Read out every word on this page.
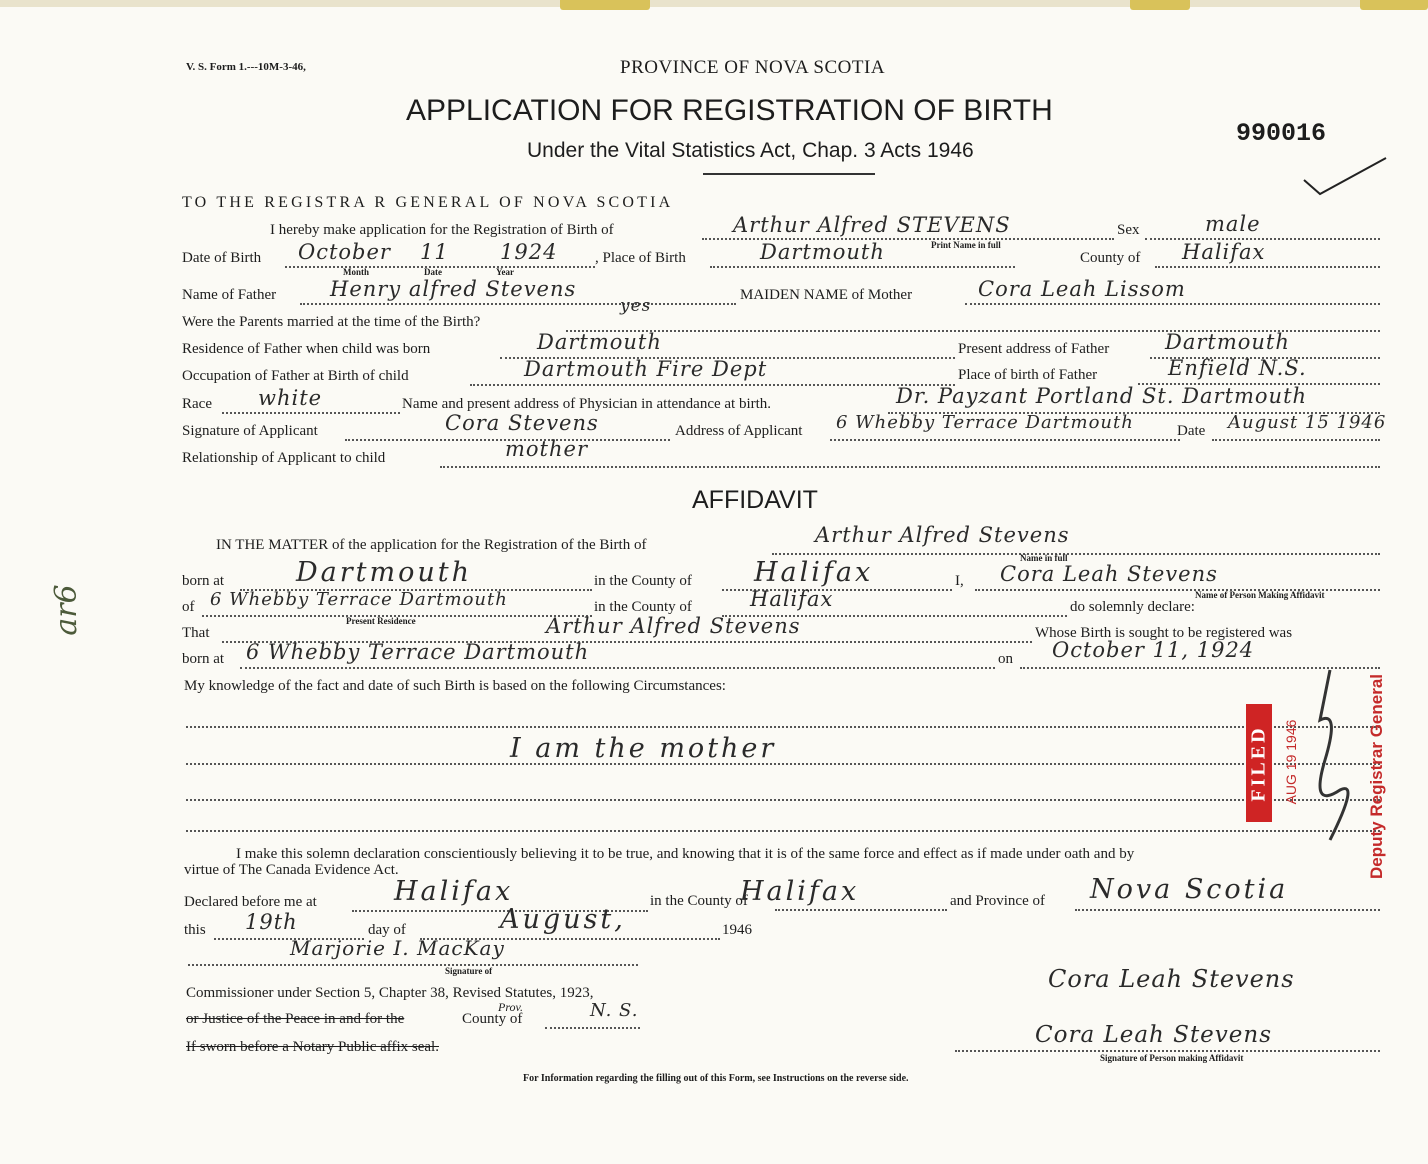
V. S. Form 1.---10M-3-46,	PROVINCE OF NOVA SCOTIA
APPLICATION FOR REGISTRATION OF BIRTH
Under the Vital Statistics Act, Chap. 3 Acts 1946
990016
TO THE REGISTRA R GENERAL OF NOVA SCOTIA
I hereby make application for the Registration of Birth of	Arthur Alfred STEVENS
Print Name in full
Sex	male
Date of Birth October 11 1924
Month	Date	Year
, Place of Birth	Dartmouth	County of Halifax
Name of Father	Henry alfred Stevens	MAIDEN NAME of Mother	Cora Leah Lissom
Were the Parents married at the time of the Birth?
yes
Residence of Father when child was born	Dartmouth	Present address of Father	Dartmouth
Occupation of Father at Birth of child	Dartmouth Fire Dept	Place of birth of Father	Enfield N.S.
Race white	Name and present address of Physician in attendance at birth.	Dr. Payzant Portland St. Dartmouth
Signature of Applicant	Cora Stevens	Address of Applicant 6 Whebby Terrace Dartmouth	Date August 15 1946
Relationship of Applicant to child	mother
AFFIDAVIT
IN THE MATTER of the application for the Registration of the Birth of	Arthur Alfred Stevens
Name in full
born at	Dartmouth	in the County of Halifax	I, Cora Leah Stevens
Name of Person Making Affidavit
of 6 Whebby Terrace Dartmouth
Present Residence
in the County of	Halifax	do solemnly declare:
That	Arthur Alfred Stevens	Whose Birth is sought to be registered was
born at 6 Whebby Terrace Dartmouth	on October 11, 1924
My knowledge of the fact and date of such Birth is based on the following Circumstances:
I am the mother
I make this solemn declaration conscientiously believing it to be true, and knowing that it is of the same force and effect as if made under oath and by
virtue of The Canada Evidence Act.
Declared before me at	Halifax	in the County of
Halifax	and Province of Nova Scotia
this 19th	day of	August,	1946
Marjorie I. MacKay
Signature of
Commissioner under Section 5, Chapter 38, Revised Statutes, 1923,
Prov.
or Justice of the Peace in and for the	County of	N. S.
If sworn before a Notary Public affix seal.
Cora Leah Stevens
Cora Leah Stevens
Signature of Person making Affidavit
For Information regarding the filling out of this Form, see Instructions on the reverse side.
FILED AUG 19 1946	Deputy Registrar General
ar6
